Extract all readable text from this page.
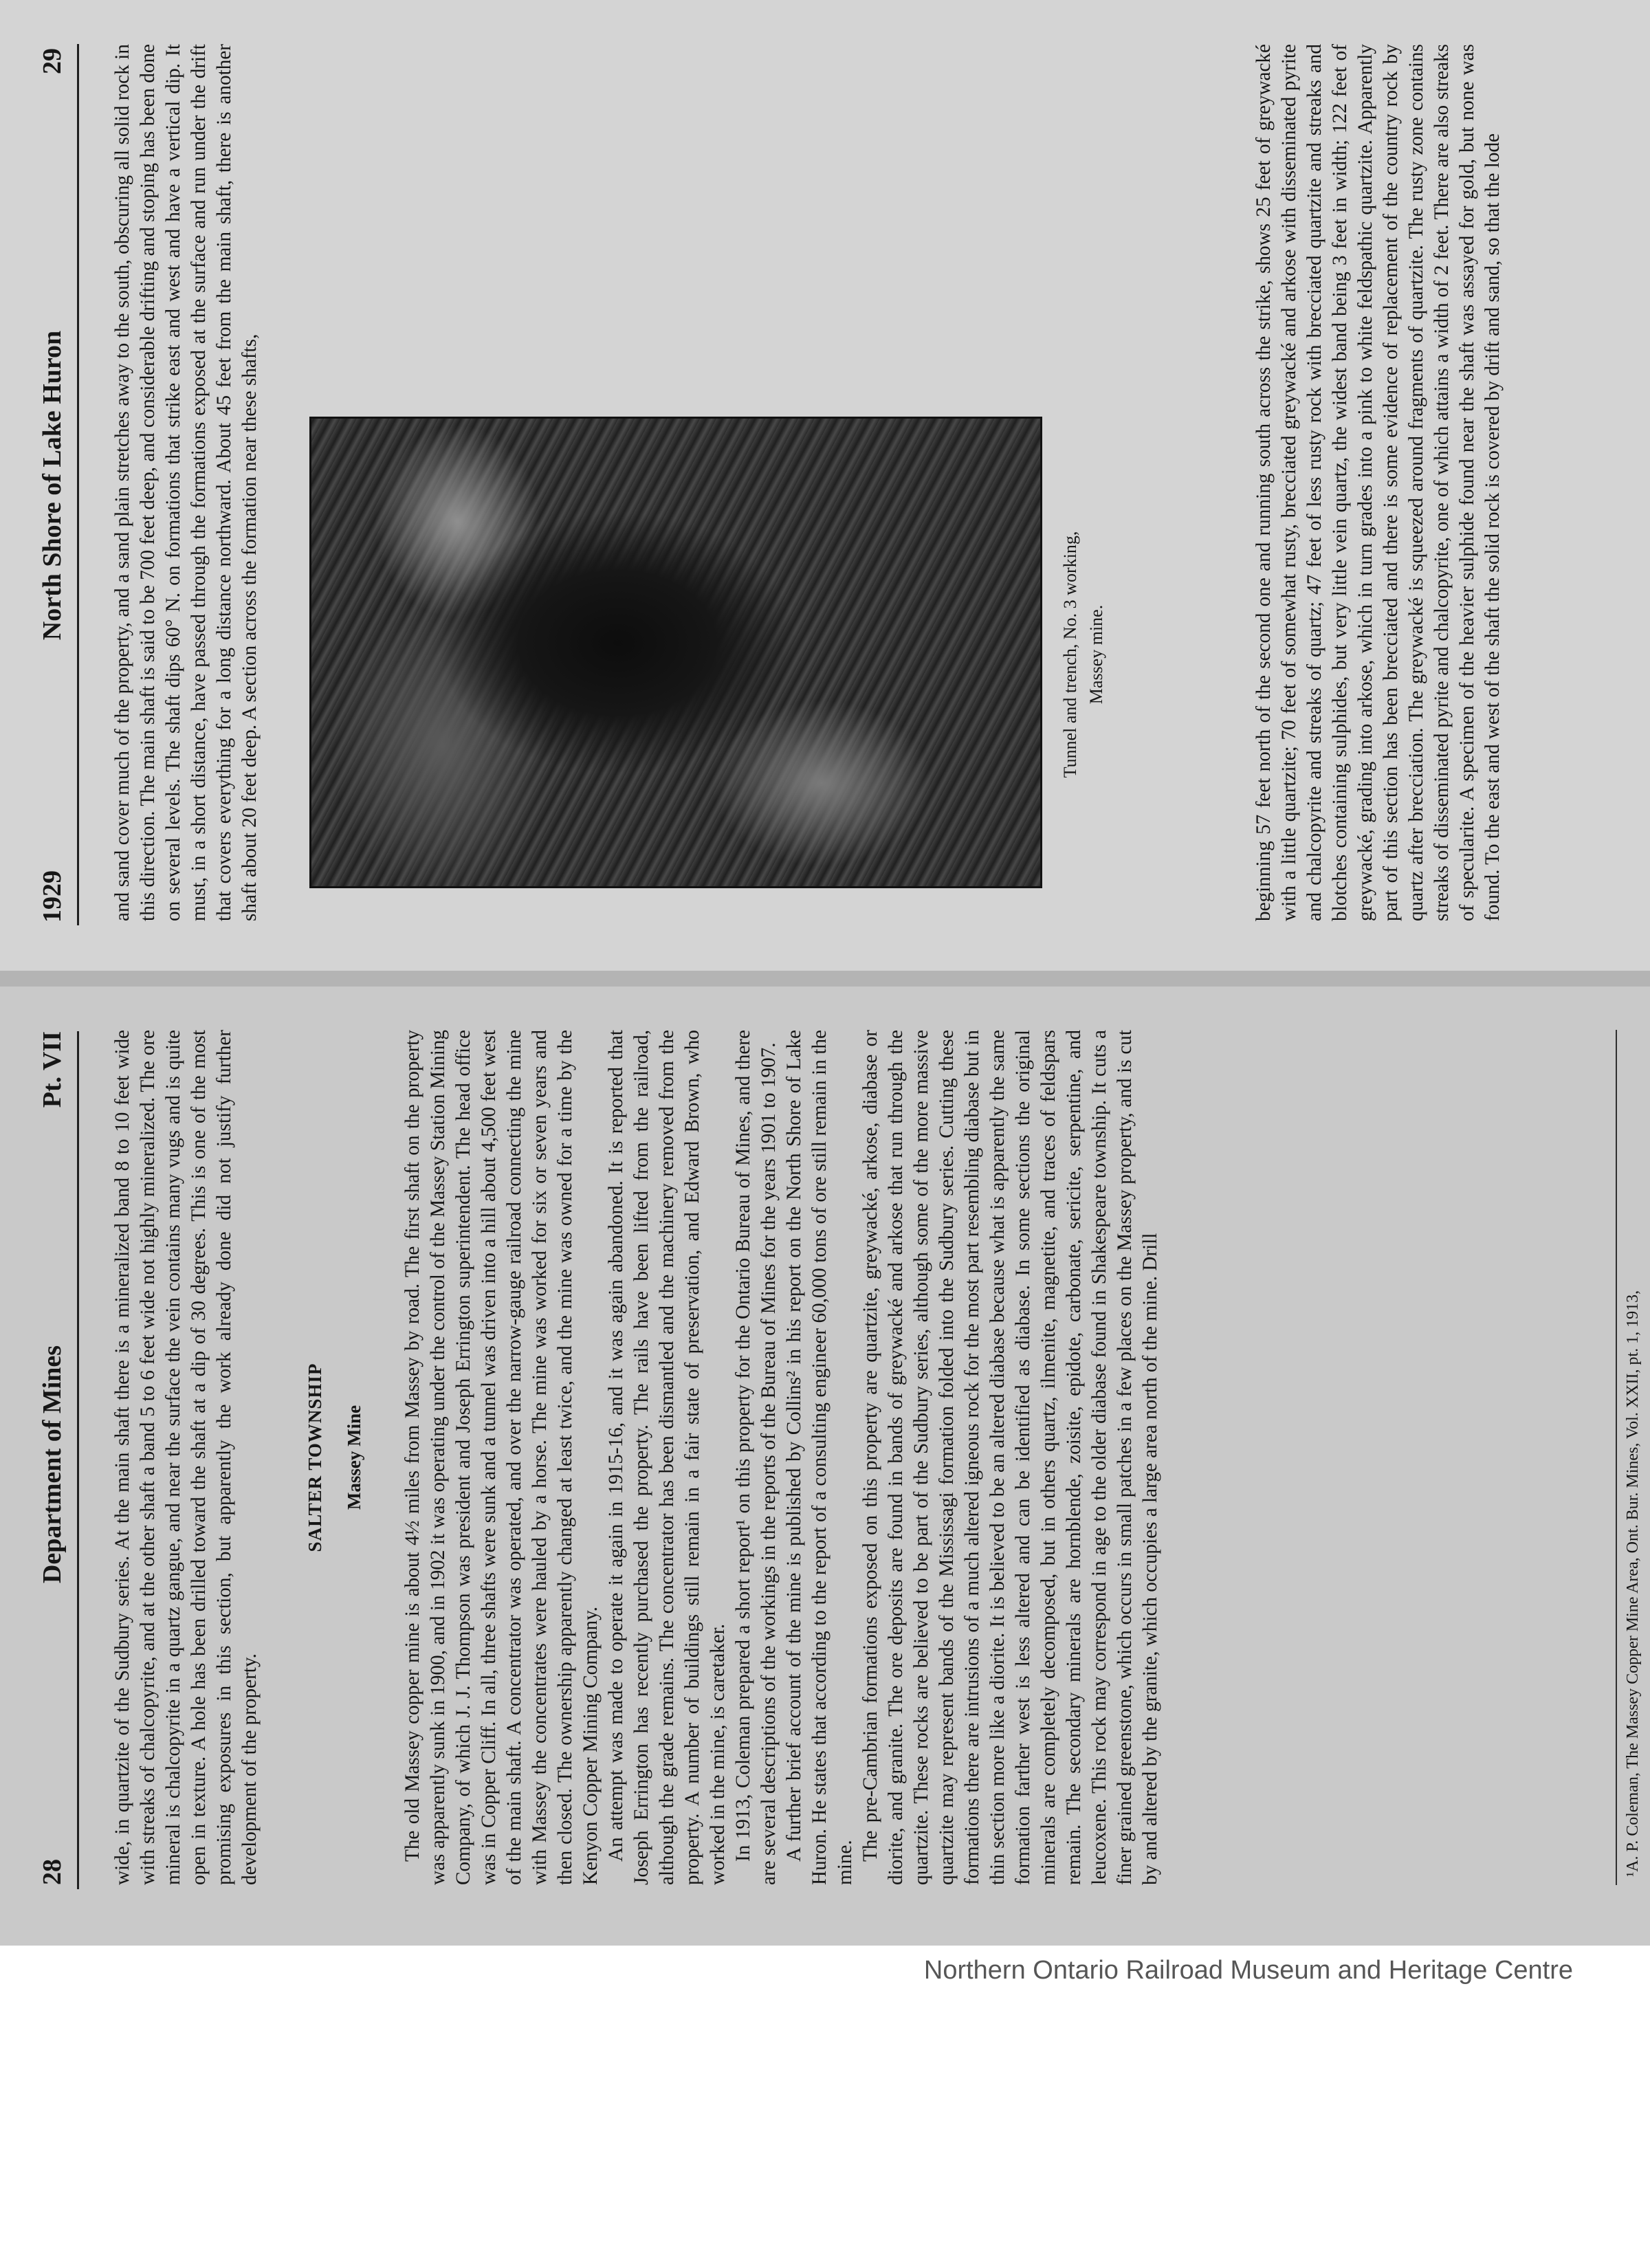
28
Department of Mines
Pt. VII	wide, in quartzite of the Sudbury series. At the main shaft there is a mineralized band 8 to 10 feet wide with streaks of chalcopyrite, and at the other shaft a band 5 to 6 feet wide not highly mineralized. The ore mineral is chalcopyrite in a quartz gangue, and near the surface the vein contains many vugs and is quite open in texture. A hole has been drilled toward the shaft at a dip of 30 degrees. This is one of the most promising exposures in this section, but apparently the work already done did not justify further development of the property.

SALTER TOWNSHIP Massey Mine The old Massey copper mine is about 4½ miles from Massey by road. The first shaft on the property was apparently sunk in 1900, and in 1902 it was operating under the control of the Massey Station Mining Company, of which J. J. Thompson was president and Joseph Errington superintendent. The head office was in Copper Cliff. In all, three shafts were sunk and a tunnel was driven into a hill about 4,500 feet west of the main shaft. A concentrator was operated, and over the narrow-gauge railroad connecting the mine with Massey the concentrates were hauled by a horse. The mine was worked for six or seven years and then closed. The ownership apparently changed at least twice, and the mine was owned for a time by the Kenyon Copper Mining Company. An attempt was made to operate it again in 1915-16, and it was again abandoned. It is reported that Joseph Errington has recently purchased the property. The rails have been lifted from the railroad, although the grade remains. The concentrator has been dismantled and the machinery removed from the property. A number of buildings still remain in a fair state of preservation, and Edward Brown, who worked in the mine, is caretaker. In 1913, Coleman prepared a short report¹ on this property for the Ontario Bureau of Mines, and there are several descriptions of the workings in the reports of the Bureau of Mines for the years 1901 to 1907. A further brief account of the mine is published by Collins² in his report on the North Shore of Lake Huron. He states that according to the report of a consulting engineer 60,000 tons of ore still remain in the mine.

The pre-Cambrian formations exposed on this property are quartzite, greywacké, arkose, diabase or diorite, and granite. The ore deposits are found in bands of greywacké and arkose that run through the quartzite. These rocks are believed to be part of the Sudbury series, although some of the more massive quartzite may represent bands of the Mississagi formation folded into the Sudbury series. Cutting these formations there are intrusions of a much altered igneous rock for the most part resembling diabase but in thin section more like a diorite. It is believed to be an altered diabase because what is apparently the same formation farther west is less altered and can be identified as diabase. In some sections the original minerals are completely decomposed, but in others quartz, ilmenite, magnetite, and traces of feldspars remain. The secondary minerals are hornblende, zoisite, epidote, carbonate, sericite, serpentine, and leucoxene. This rock may correspond in age to the older diabase found in Shakespeare township. It cuts a finer grained greenstone, which occurs in small patches in a few places on the Massey property, and is cut by and altered by the granite, which occupies a large area north of the mine. Drill	¹A. P. Coleman, The Massey Copper Mine Area, Ont. Bur. Mines, Vol. XXII, pt. 1, 1913,
1929
North Shore of Lake Huron
29	and sand cover much of the property, and a sand plain stretches away to the south, obscuring all solid rock in this direction. The main shaft is said to be 700 feet deep, and considerable drifting and stoping has been done on several levels. The shaft dips 60° N. on formations that strike east and west and have a vertical dip. It must, in a short distance, have passed through the formations exposed at the surface and run under the drift that covers everything for a long distance northward. About 45 feet from the main shaft, there is another shaft about 20 feet deep. A section across the formation near these shafts,	Tunnel and trench, No. 3 working, Massey mine.	beginning 57 feet north of the second one and running south across the strike, shows 25 feet of greywacké with a little quartzite; 70 feet of somewhat rusty, brecciated greywacké and arkose with disseminated pyrite and chalcopyrite and streaks of quartz; 47 feet of less rusty rock with brecciated quartzite and streaks and blotches containing sulphides, but very little vein quartz, the widest band being 3 feet in width; 122 feet of greywacké, grading into arkose, which in turn grades into a pink to white feldspathic quartzite. Apparently part of this section has been brecciated and there is some evidence of replacement of the country rock by quartz after brecciation. The greywacké is squeezed around fragments of quartzite. The rusty zone contains streaks of disseminated pyrite and chalcopyrite, one of which attains a width of 2 feet. There are also streaks of specularite. A specimen of the heavier sulphide found near the shaft was assayed for gold, but none was found. To the east and west of the shaft the solid rock is covered by drift and sand, so that the lode
Northern Ontario Railroad Museum and Heritage Centre
